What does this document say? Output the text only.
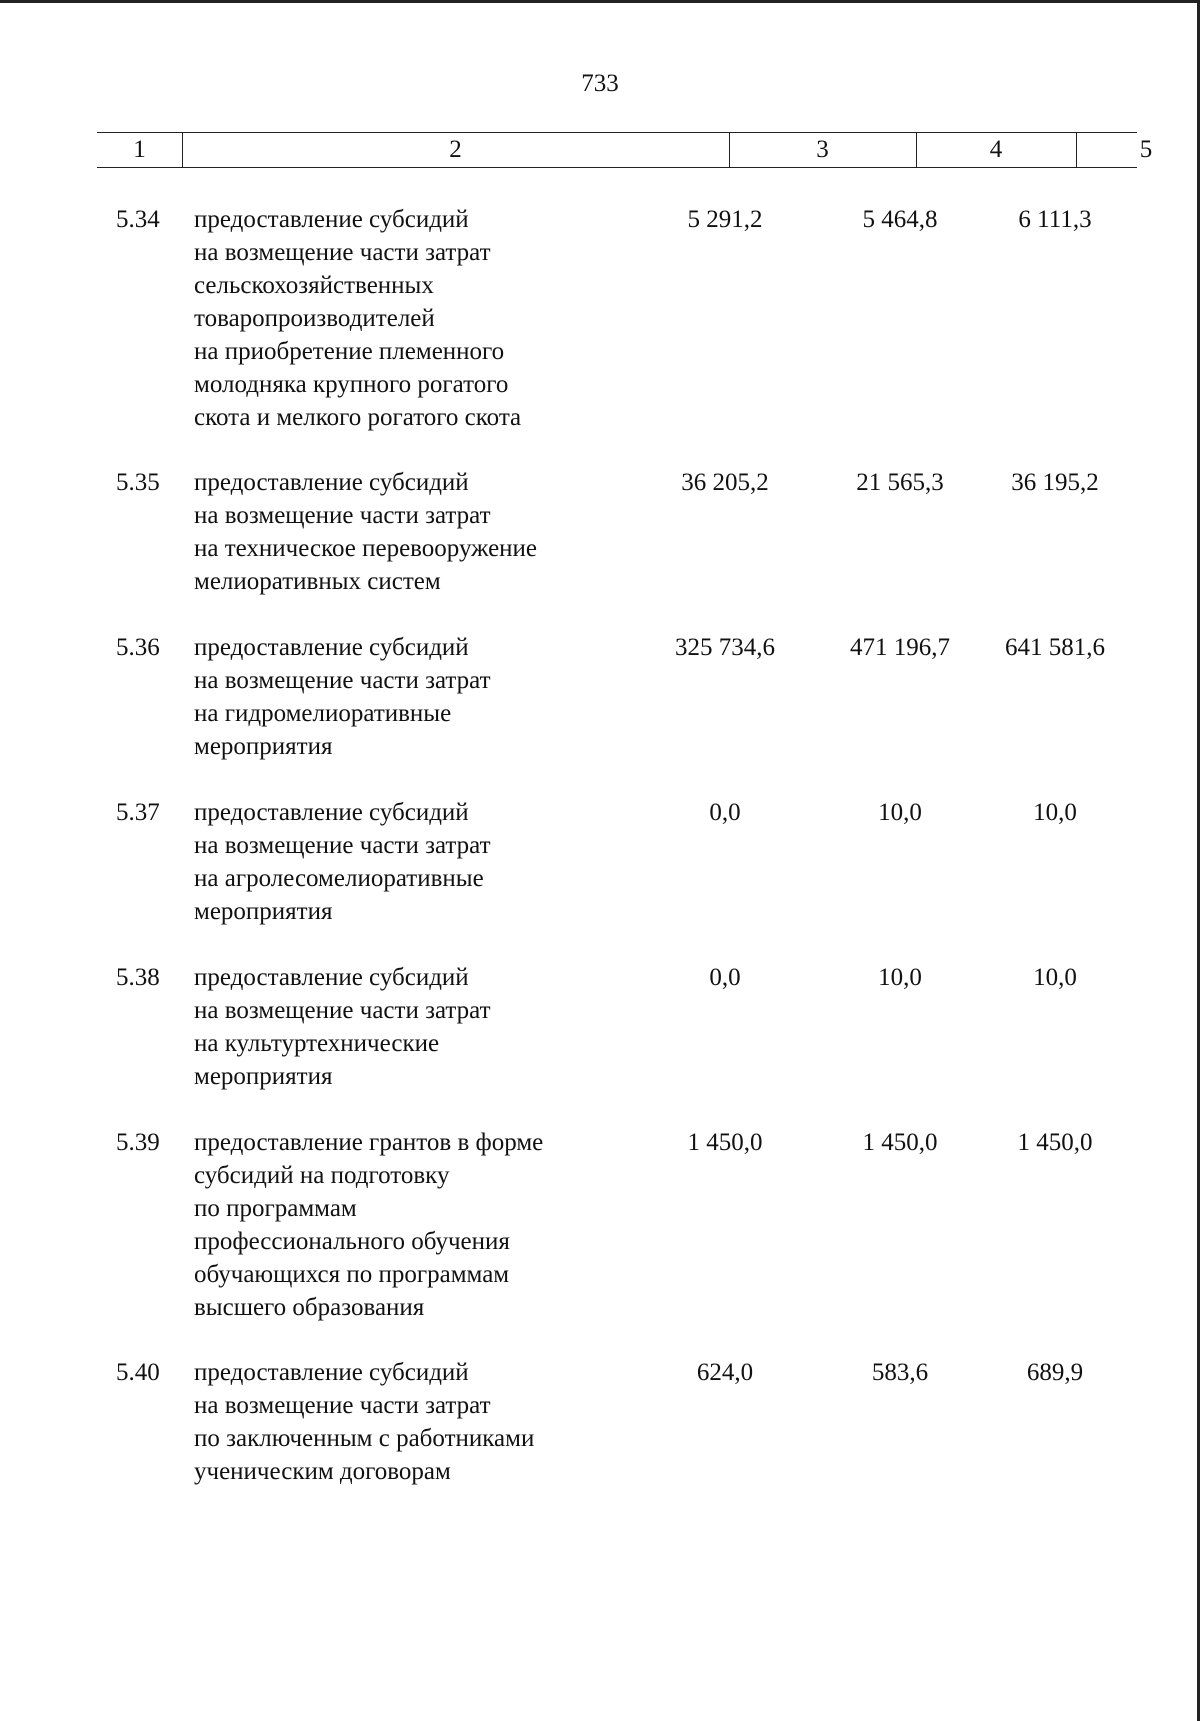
733
1	2	3	4	5
5.34 предоставление субсидий
на возмещение части затрат
сельскохозяйственных
товаропроизводителей
на приобретение племенного
молодняка крупного рогатого
скота и мелкого рогатого скота
5 291,2	5 464,8	6 111,3
5.35 предоставление субсидий
на возмещение части затрат
на техническое перевооружение
мелиоративных систем
36 205,2	21 565,3	36 195,2
5.36 предоставление субсидий
на возмещение части затрат
на гидромелиоративные
мероприятия
325 734,6	471 196,7	641 581,6
5.37 предоставление субсидий
на возмещение части затрат
на агролесомелиоративные
мероприятия
0,0	10,0	10,0
5.38 предоставление субсидий
на возмещение части затрат
на культуртехнические
мероприятия
0,0	10,0	10,0
5.39 предоставление грантов в форме
субсидий на подготовку
по программам
профессионального обучения
обучающихся по программам
высшего образования
1 450,0	1 450,0	1 450,0
5.40 предоставление субсидий
на возмещение части затрат
по заключенным с работниками
ученическим договорам
624,0	583,6	689,9
